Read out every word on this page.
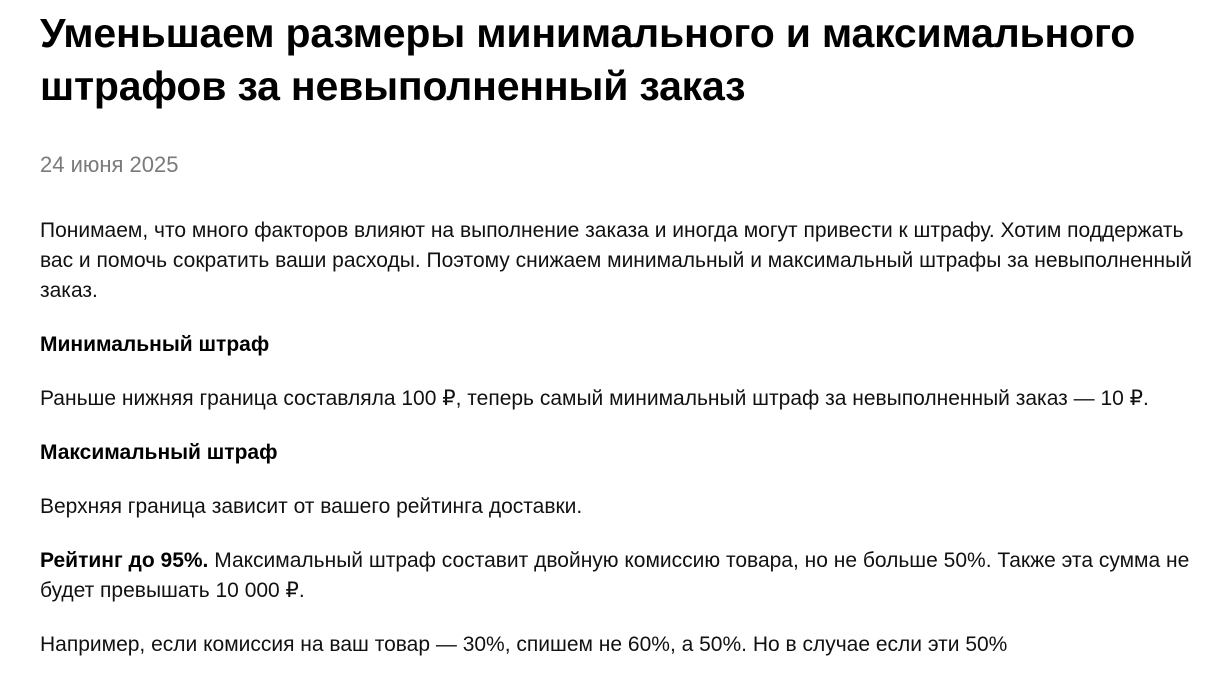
Уменьшаем размеры минимального и максимального штрафов за невыполненный заказ
24 июня 2025

Понимаем, что много факторов влияют на выполнение заказа и иногда могут привести к штрафу. Хотим поддержать вас и помочь сократить ваши расходы. Поэтому снижаем минимальный и максимальный штрафы за невыполненный заказ.

Минимальный штраф

Раньше нижняя граница составляла 100 ₽, теперь самый минимальный штраф за невыполненный заказ — 10 ₽.

Максимальный штраф

Верхняя граница зависит от вашего рейтинга доставки.

Рейтинг до 95%. Максимальный штраф составит двойную комиссию товара, но не больше 50%. Также эта сумма не будет превышать 10 000 ₽.

Например, если комиссия на ваш товар — 30%, спишем не 60%, а 50%. Но в случае если эти 50%
